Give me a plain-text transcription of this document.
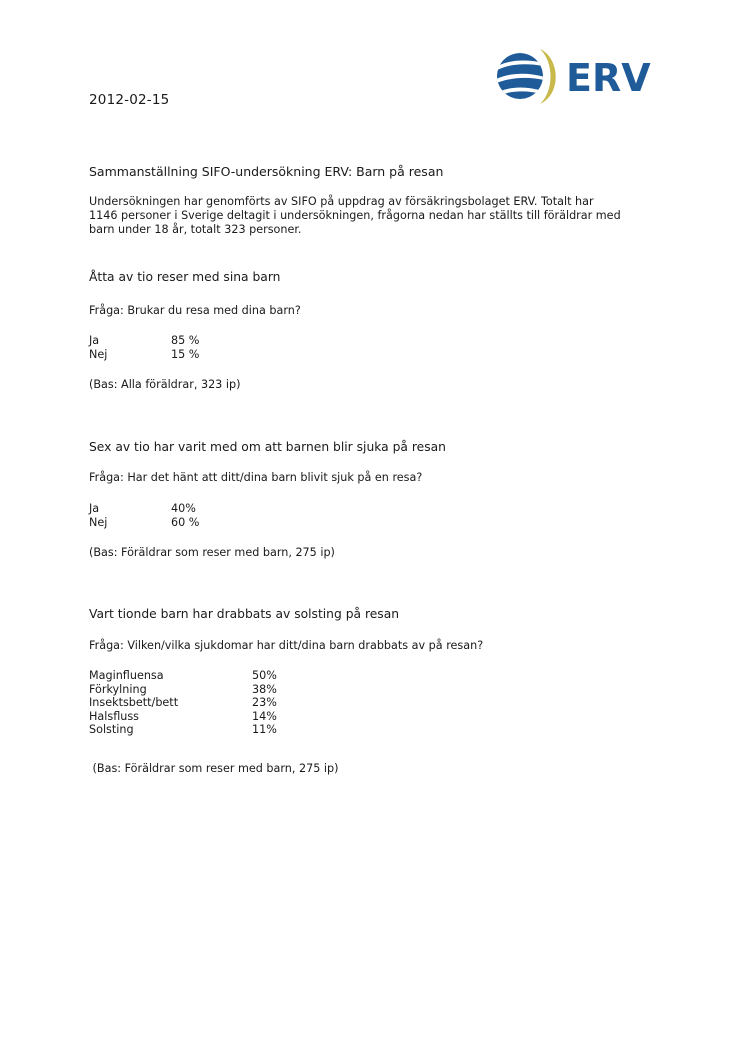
ERV
2012-02-15
Sammanställning SIFO-undersökning ERV: Barn på resan
Undersökningen har genomförts av SIFO på uppdrag av försäkringsbolaget ERV. Totalt har
1146 personer i Sverige deltagit i undersökningen, frågorna nedan har ställts till föräldrar med
barn under 18 år, totalt 323 personer.
Åtta av tio reser med sina barn
Fråga: Brukar du resa med dina barn?
Ja	85 %
Nej	15 %
(Bas: Alla föräldrar, 323 ip)
Sex av tio har varit med om att barnen blir sjuka på resan
Fråga: Har det hänt att ditt/dina barn blivit sjuk på en resa?
Ja	40%
Nej	60 %
(Bas: Föräldrar som reser med barn, 275 ip)
Vart tionde barn har drabbats av solsting på resan
Fråga: Vilken/vilka sjukdomar har ditt/dina barn drabbats av på resan?
Maginfluensa	50%
Förkylning	38%
Insektsbett/bett	23%
Halsfluss	14%
Solsting	11%
(Bas: Föräldrar som reser med barn, 275 ip)
